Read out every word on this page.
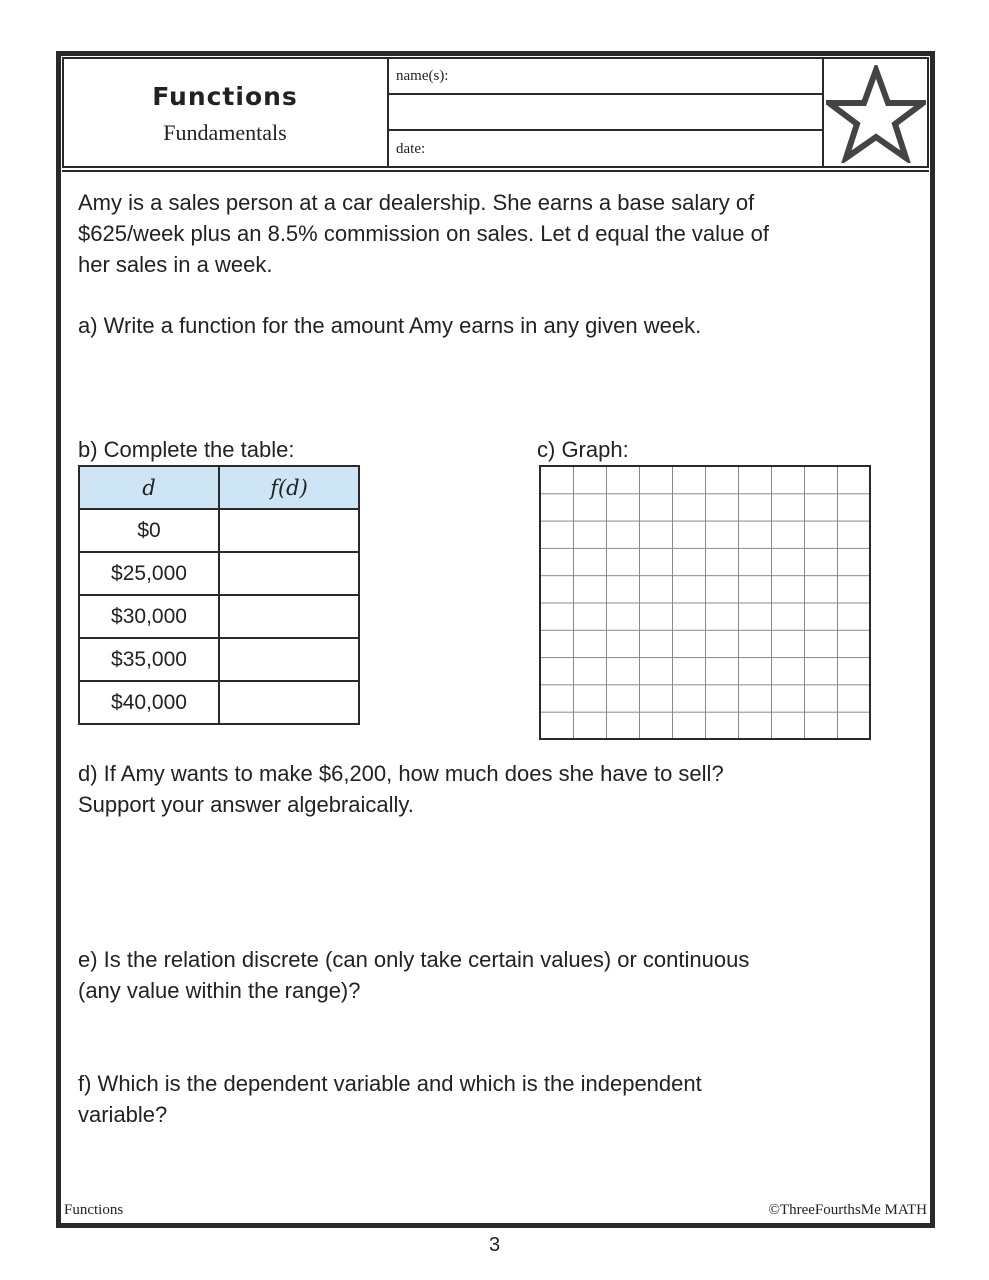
Functions
Fundamentals
name(s):
date:
Amy is a sales person at a car dealership. She earns a base salary of
$625/week plus an 8.5% commission on sales. Let d equal the value of
her sales in a week.
a) Write a function for the amount Amy earns in any given week.
b) Complete the table:	c) Graph:
d	f(d)
$0	
$25,000	
$30,000	
$35,000	
$40,000	
d) If Amy wants to make $6,200, how much does she have to sell?
Support your answer algebraically.
e) Is the relation discrete (can only take certain values) or continuous
(any value within the range)?
f) Which is the dependent variable and which is the independent
variable?
Functions	©ThreeFourthsMe MATH
3
